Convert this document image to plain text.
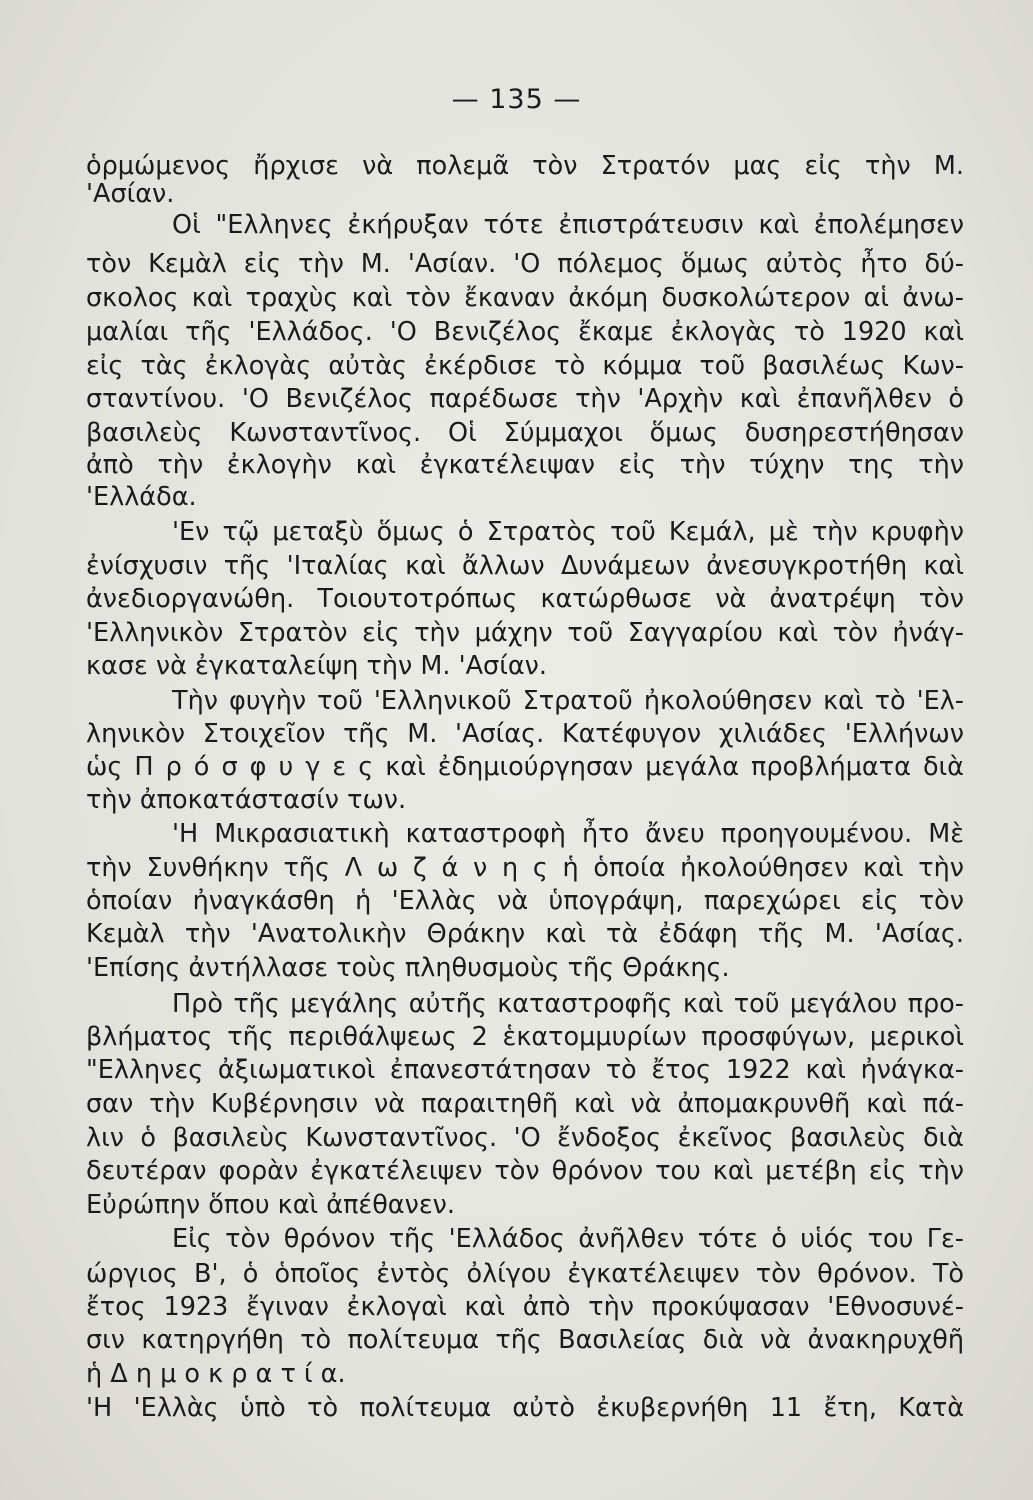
— 135 —
ὁρμώμενος ἤρχισε νὰ πολεμᾶ τὸν Στρατόν μας εἰς τὴν Μ.
'Ασίαν.
Οἱ "Ελληνες ἐκήρυξαν τότε ἐπιστράτευσιν καὶ ἐπολέμησεν
τὸν Κεμὰλ εἰς τὴν Μ. 'Ασίαν. 'Ο πόλεμος ὅμως αὐτὸς ἦτο δύ-
σκολος καὶ τραχὺς καὶ τὸν ἔκαναν ἀκόμη δυσκολώτερον αἱ ἀνω-
μαλίαι τῆς 'Ελλάδος. 'Ο Βενιζέλος ἔκαμε ἐκλογὰς τὸ 1920 καὶ
εἰς τὰς ἐκλογὰς αὐτὰς ἐκέρδισε τὸ κόμμα τοῦ βασιλέως Κων-
σταντίνου. 'Ο Βενιζέλος παρέδωσε τὴν 'Αρχὴν καὶ ἐπανῆλθεν ὁ
βασιλεὺς Κωνσταντῖνος. Οἱ Σύμμαχοι ὅμως δυσηρεστήθησαν
ἀπὸ τὴν ἐκλογὴν καὶ ἐγκατέλειψαν εἰς τὴν τύχην της τὴν
'Ελλάδα.
'Εν τῷ μεταξὺ ὅμως ὁ Στρατὸς τοῦ Κεμάλ, μὲ τὴν κρυφὴν
ἐνίσχυσιν τῆς 'Ιταλίας καὶ ἄλλων Δυνάμεων ἀνεσυγκροτήθη καὶ
ἀνεδιοργανώθη. Τοιουτοτρόπως κατώρθωσε νὰ ἀνατρέψη τὸν
'Ελληνικὸν Στρατὸν εἰς τὴν μάχην τοῦ Σαγγαρίου καὶ τὸν ἠνάγ-
κασε νὰ ἐγκαταλείψη τὴν Μ. 'Ασίαν.
Τὴν φυγὴν τοῦ 'Ελληνικοῦ Στρατοῦ ἠκολούθησεν καὶ τὸ 'Ελ-
ληνικὸν Στοιχεῖον τῆς Μ. 'Ασίας. Κατέφυγον χιλιάδες 'Ελλήνων
ὡς Π ρ ό σ φ υ γ ε ς καὶ ἐδημιούργησαν μεγάλα προβλήματα διὰ
τὴν ἀποκατάστασίν των.
'Η Μικρασιατικὴ καταστροφὴ ἦτο ἄνευ προηγουμένου. Μὲ
τὴν Συνθήκην τῆς Λ ω ζ ά ν η ς ἡ ὁποία ἠκολούθησεν καὶ τὴν
ὁποίαν ἠναγκάσθη ἡ 'Ελλὰς νὰ ὑπογράψη, παρεχώρει εἰς τὸν
Κεμὰλ τὴν 'Ανατολικὴν Θράκην καὶ τὰ ἐδάφη τῆς Μ. 'Ασίας.
'Επίσης ἀντήλλασε τοὺς πληθυσμοὺς τῆς Θράκης.
Πρὸ τῆς μεγάλης αὐτῆς καταστροφῆς καὶ τοῦ μεγάλου προ-
βλήματος τῆς περιθάλψεως 2 ἑκατομμυρίων προσφύγων, μερικοὶ
"Ελληνες ἀξιωματικοὶ ἐπανεστάτησαν τὸ ἔτος 1922 καὶ ἠνάγκα-
σαν τὴν Κυβέρνησιν νὰ παραιτηθῆ καὶ νὰ ἀπομακρυνθῆ καὶ πά-
λιν ὁ βασιλεὺς Κωνσταντῖνος. 'Ο ἔνδοξος ἐκεῖνος βασιλεὺς διὰ
δευτέραν φορὰν ἐγκατέλειψεν τὸν θρόνον του καὶ μετέβη εἰς τὴν
Εὐρώπην ὅπου καὶ ἀπέθανεν.
Εἰς τὸν θρόνον τῆς 'Ελλάδος ἀνῆλθεν τότε ὁ υἱός του Γε-
ώργιος Β', ὁ ὁποῖος ἐντὸς ὀλίγου ἐγκατέλειψεν τὸν θρόνον. Τὸ
ἔτος 1923 ἔγιναν ἐκλογαὶ καὶ ἀπὸ τὴν προκύψασαν 'Εθνοσυνέ-
σιν κατηργήθη τὸ πολίτευμα τῆς Βασιλείας διὰ νὰ ἀνακηρυχθῆ
ἡ Δ η μ ο κ ρ α τ ί α.
'Η 'Ελλὰς ὑπὸ τὸ πολίτευμα αὐτὸ ἐκυβερνήθη 11 ἔτη, Κατὰ
